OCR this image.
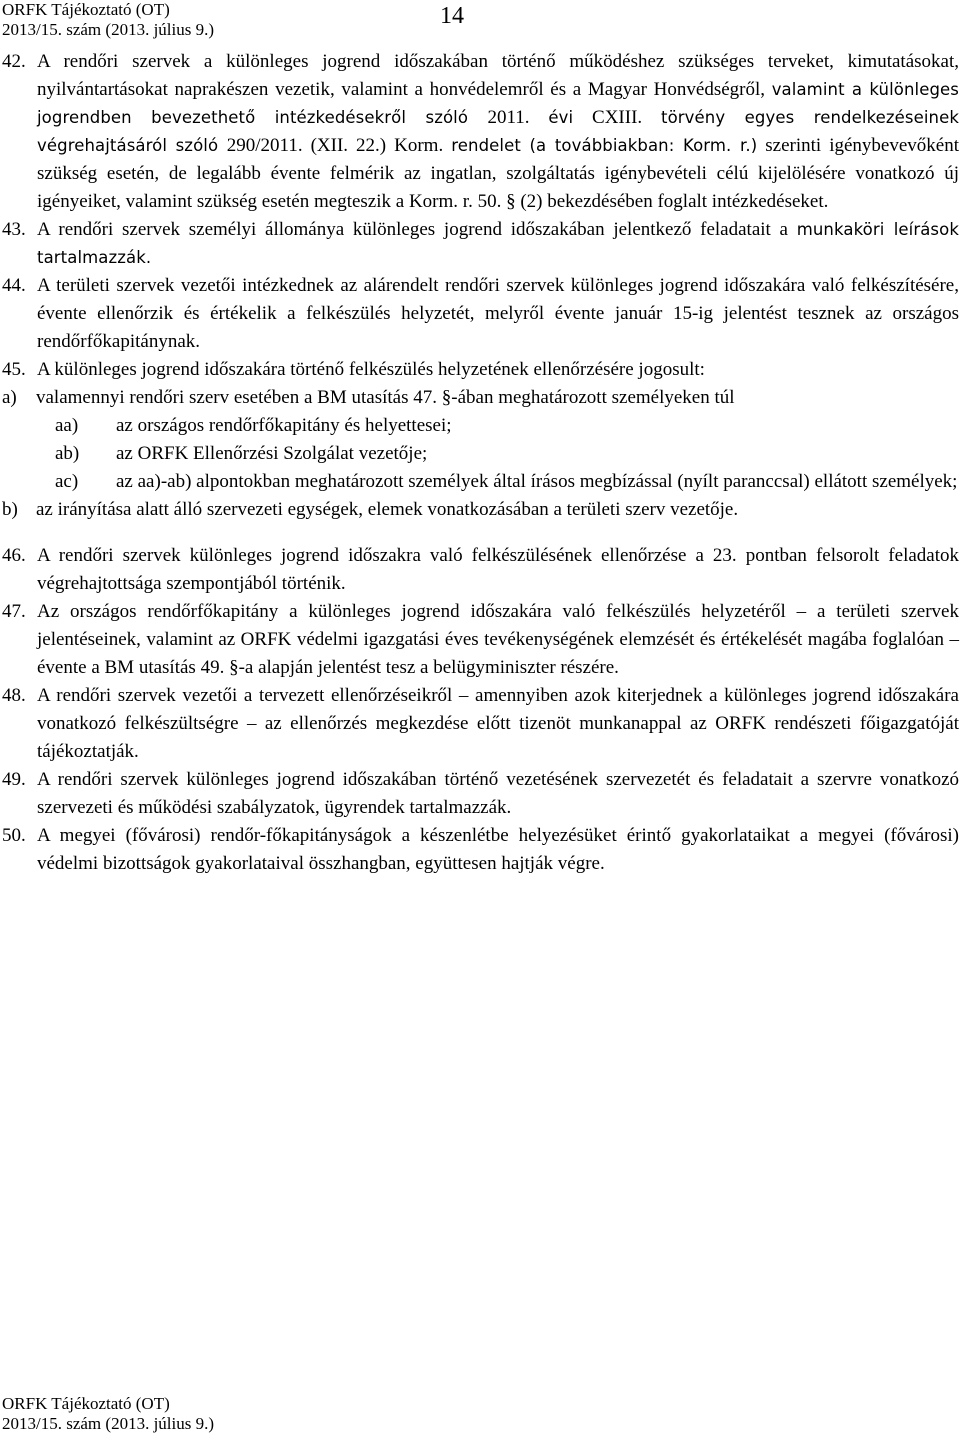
ORFK Tájékoztató (OT)
2013/15. szám (2013. július 9.)
14
42. A rendőri szervek a különleges jogrend időszakában történő működéshez szükséges terveket, kimutatásokat, nyilvántartásokat naprakészen vezetik, valamint a honvédelemről és a Magyar Honvédségről, valamint a különleges jogrendben bevezethető intézkedésekről szóló 2011. évi CXIII. törvény egyes rendelkezéseinek végrehajtásáról szóló 290/2011. (XII. 22.) Korm. rendelet (a továbbiakban: Korm. r.) szerinti igénybevevőként szükség esetén, de legalább évente felmérik az ingatlan, szolgáltatás igénybevételi célú kijelölésére vonatkozó új igényeiket, valamint szükség esetén megteszik a Korm. r. 50. § (2) bekezdésében foglalt intézkedéseket.
43. A rendőri szervek személyi állománya különleges jogrend időszakában jelentkező feladatait a munkaköri leírások tartalmazzák.
44. A területi szervek vezetői intézkednek az alárendelt rendőri szervek különleges jogrend időszakára való felkészítésére, évente ellenőrzik és értékelik a felkészülés helyzetét, melyről évente január 15-ig jelentést tesznek az országos rendőrfőkapitánynak.
45. A különleges jogrend időszakára történő felkészülés helyzetének ellenőrzésére jogosult:
a) valamennyi rendőri szerv esetében a BM utasítás 47. §-ában meghatározott személyeken túl
aa) az országos rendőrfőkapitány és helyettesei;
ab) az ORFK Ellenőrzési Szolgálat vezetője;
ac) az aa)-ab) alpontokban meghatározott személyek által írásos megbízással (nyílt paranccsal) ellátott személyek;
b) az irányítása alatt álló szervezeti egységek, elemek vonatkozásában a területi szerv vezetője.
46. A rendőri szervek különleges jogrend időszakra való felkészülésének ellenőrzése a 23. pontban felsorolt feladatok végrehajtottsága szempontjából történik.
47. Az országos rendőrfőkapitány a különleges jogrend időszakára való felkészülés helyzetéről – a területi szervek jelentéseinek, valamint az ORFK védelmi igazgatási éves tevékenységének elemzését és értékelését magába foglalóan – évente a BM utasítás 49. §-a alapján jelentést tesz a belügyminiszter részére.
48. A rendőri szervek vezetői a tervezett ellenőrzéseikről – amennyiben azok kiterjednek a különleges jogrend időszakára vonatkozó felkészültségre – az ellenőrzés megkezdése előtt tizenöt munkanappal az ORFK rendészeti főigazgatóját tájékoztatják.
49. A rendőri szervek különleges jogrend időszakában történő vezetésének szervezetét és feladatait a szervre vonatkozó szervezeti és működési szabályzatok, ügyrendek tartalmazzák.
50. A megyei (fővárosi) rendőr-főkapitányságok a készenlétbe helyezésüket érintő gyakorlataikat a megyei (fővárosi) védelmi bizottságok gyakorlataival összhangban, együttesen hajtják végre.
ORFK Tájékoztató (OT)
2013/15. szám (2013. július 9.)
